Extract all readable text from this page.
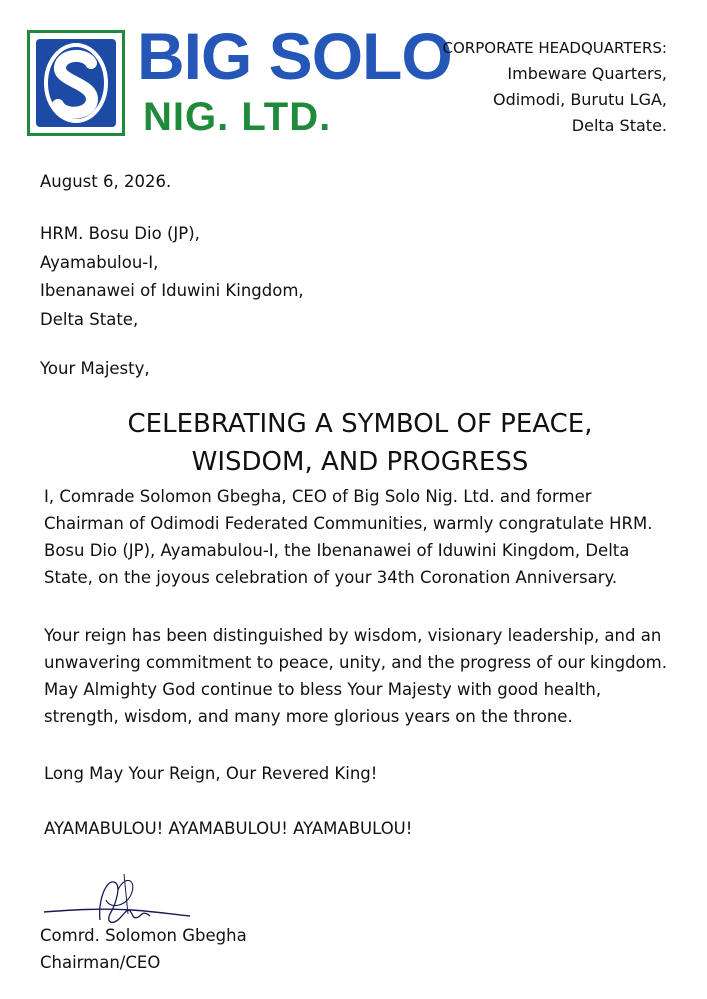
BIG SOLO
NIG. LTD.
CORPORATE HEADQUARTERS:
Imbeware Quarters,
Odimodi, Burutu LGA,
Delta State.
August 6, 2026.
HRM. Bosu Dio (JP),
Ayamabulou-I,
Ibenanawei of Iduwini Kingdom,
Delta State,
Your Majesty,
CELEBRATING A SYMBOL OF PEACE,
WISDOM, AND PROGRESS
I, Comrade Solomon Gbegha, CEO of Big Solo Nig. Ltd. and former
Chairman of Odimodi Federated Communities, warmly congratulate HRM.
Bosu Dio (JP), Ayamabulou-I, the Ibenanawei of Iduwini Kingdom, Delta
State, on the joyous celebration of your 34th Coronation Anniversary.
Your reign has been distinguished by wisdom, visionary leadership, and an
unwavering commitment to peace, unity, and the progress of our kingdom.
May Almighty God continue to bless Your Majesty with good health,
strength, wisdom, and many more glorious years on the throne.
Long May Your Reign, Our Revered King!
AYAMABULOU! AYAMABULOU! AYAMABULOU!
Comrd. Solomon Gbegha
Chairman/CEO
